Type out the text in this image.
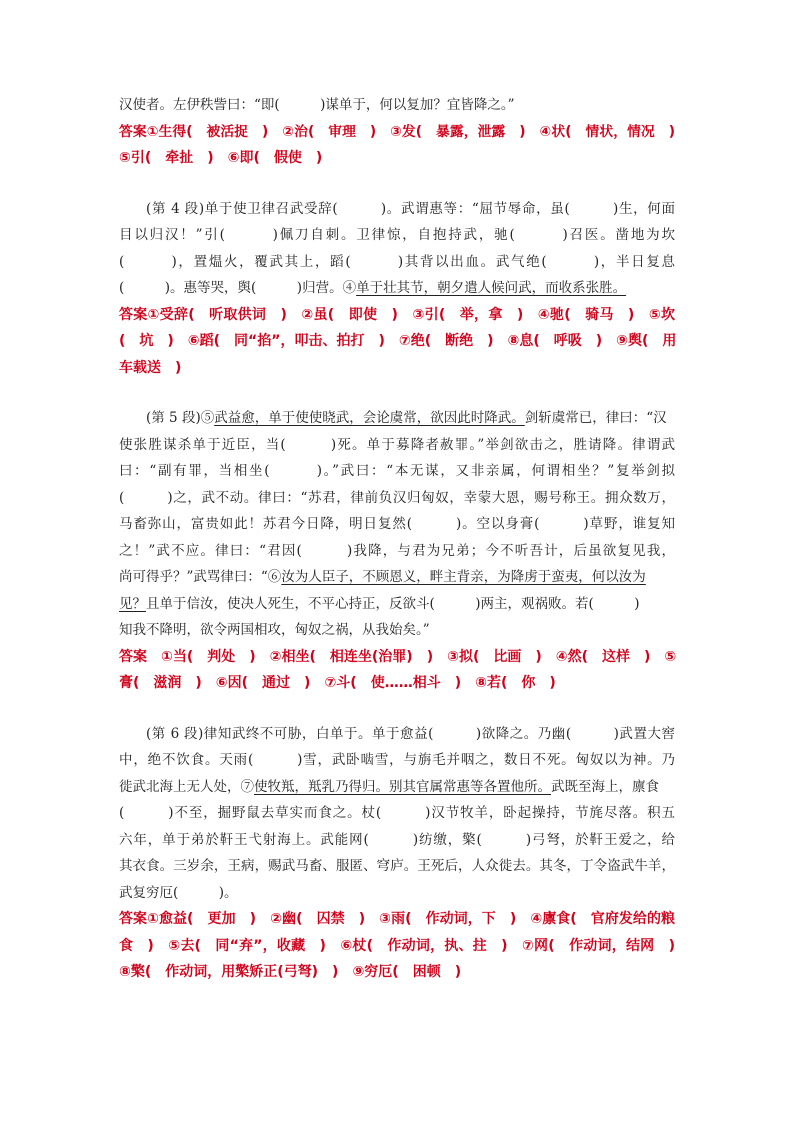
汉使者。左伊秩訾曰：“即(　　　)谋单于，何以复加？宜皆降之。”
答案①生得(　被活捉　)　②治(　审理　)　③发(　暴露，泄露　)　④状(　情状，情况　)
⑤引(　牵扯　)　⑥即(　假使　)
(第 4 段)单于使卫律召武受辞(　　　)。武谓惠等：“屈节辱命，虽(　　　)生，何面
目以归汉！”引(　　　)佩刀自刺。卫律惊，自抱持武，驰(　　　)召医。凿地为坎
(　　　)，置煴火，覆武其上，蹈(　　　)其背以出血。武气绝(　　　)，半日复息
(　　　)。惠等哭，舆(　　　)归营。④单于壮其节，朝夕遣人候问武，而收系张胜。
答案①受辞(　听取供词　)　②虽(　即使　)　③引(　举，拿　)　④驰(　骑马　)　⑤坎
(　坑　)　⑥蹈(　同“掐”，叩击、拍打　)　⑦绝(　断绝　)　⑧息(　呼吸　)　⑨舆(　用
车载送　)
(第 5 段)⑤武益愈，单于使使晓武，会论虞常，欲因此时降武。剑斩虞常已，律曰：“汉
使张胜谋杀单于近臣，当(　　　)死。单于募降者赦罪。”举剑欲击之，胜请降。律谓武
曰：“副有罪，当相坐(　　　)。”武曰：“本无谋，又非亲属，何谓相坐？”复举剑拟
(　　　)之，武不动。律曰：“苏君，律前负汉归匈奴，幸蒙大恩，赐号称王。拥众数万，
马畜弥山，富贵如此！苏君今日降，明日复然(　　　)。空以身膏(　　　)草野，谁复知
之！”武不应。律曰：“君因(　　　)我降，与君为兄弟；今不听吾计，后虽欲复见我，
尚可得乎？”武骂律曰：“⑥汝为人臣子，不顾恩义，畔主背亲，为降虏于蛮夷，何以汝为
见？且单于信汝，使决人死生，不平心持正，反欲斗(　　　)两主，观祸败。若(　　　)
知我不降明，欲令两国相攻，匈奴之祸，从我始矣。”
答案　①当(　判处　)　②相坐(　相连坐(治罪)　)　③拟(　比画　)　④然(　这样　)　⑤
膏(　滋润　)　⑥因(　通过　)　⑦斗(　使……相斗　)　⑧若(　你　)
(第 6 段)律知武终不可胁，白单于。单于愈益(　　　)欲降之。乃幽(　　　)武置大窖
中，绝不饮食。天雨(　　　)雪，武卧啮雪，与旃毛并咽之，数日不死。匈奴以为神。乃
徙武北海上无人处，⑦使牧羝，羝乳乃得归。别其官属常惠等各置他所。武既至海上，廪食
(　　　)不至，掘野鼠去草实而食之。杖(　　　)汉节牧羊，卧起操持，节旄尽落。积五
六年，单于弟於靬王弋射海上。武能网(　　　)纺缴，檠(　　　)弓弩，於靬王爱之，给
其衣食。三岁余，王病，赐武马畜、服匿、穹庐。王死后，人众徙去。其冬，丁令盗武牛羊，
武复穷厄(　　　)。
答案①愈益(　更加　)　②幽(　囚禁　)　③雨(　作动词，下　)　④廪食(　官府发给的粮
食　)　⑤去(　同“弃”，收藏　)　⑥杖(　作动词，执、拄　)　⑦网(　作动词，结网　)
⑧檠(　作动词，用檠矫正(弓弩)　)　⑨穷厄(　困顿　)
